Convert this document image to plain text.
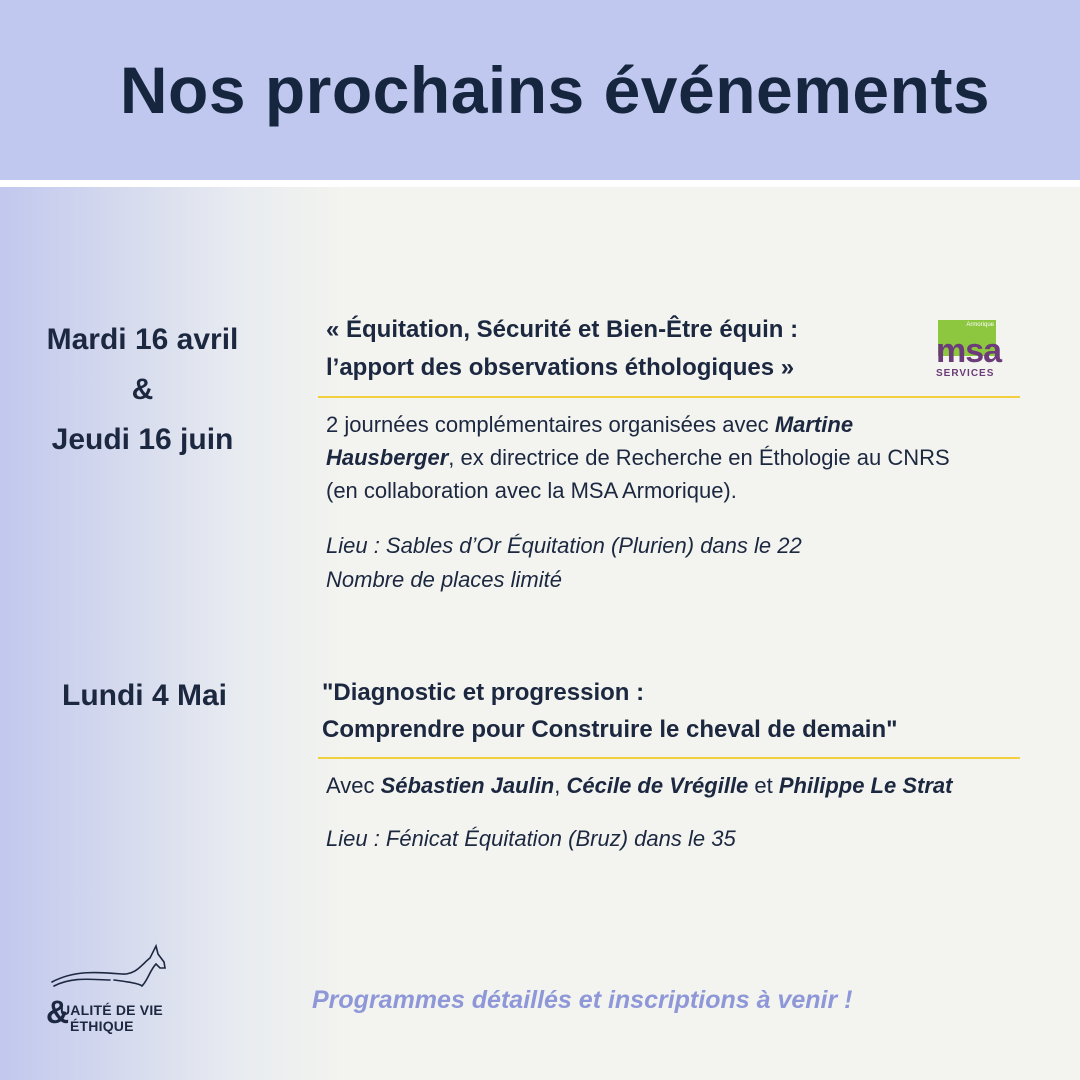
Nos prochains événements
Mardi 16 avril
&
Jeudi 16 juin
« Équitation, Sécurité et Bien-Être équin :
l’apport des observations éthologiques »
Armorique
msa
SERVICES
2 journées complémentaires organisées avec Martine
Hausberger, ex directrice de Recherche en Éthologie au CNRS
(en collaboration avec la MSA Armorique).
Lieu : Sables d’Or Équitation (Plurien) dans le 22
Nombre de places limité
Lundi 4 Mai	"Diagnostic et progression :
Comprendre pour Construire le cheval de demain"
Avec Sébastien Jaulin, Cécile de Vrégille et Philippe Le Strat
Lieu : Fénicat Équitation (Bruz) dans le 35
&
UALITÉ DE VIE
ÉTHIQUE
Programmes détaillés et inscriptions à venir !
